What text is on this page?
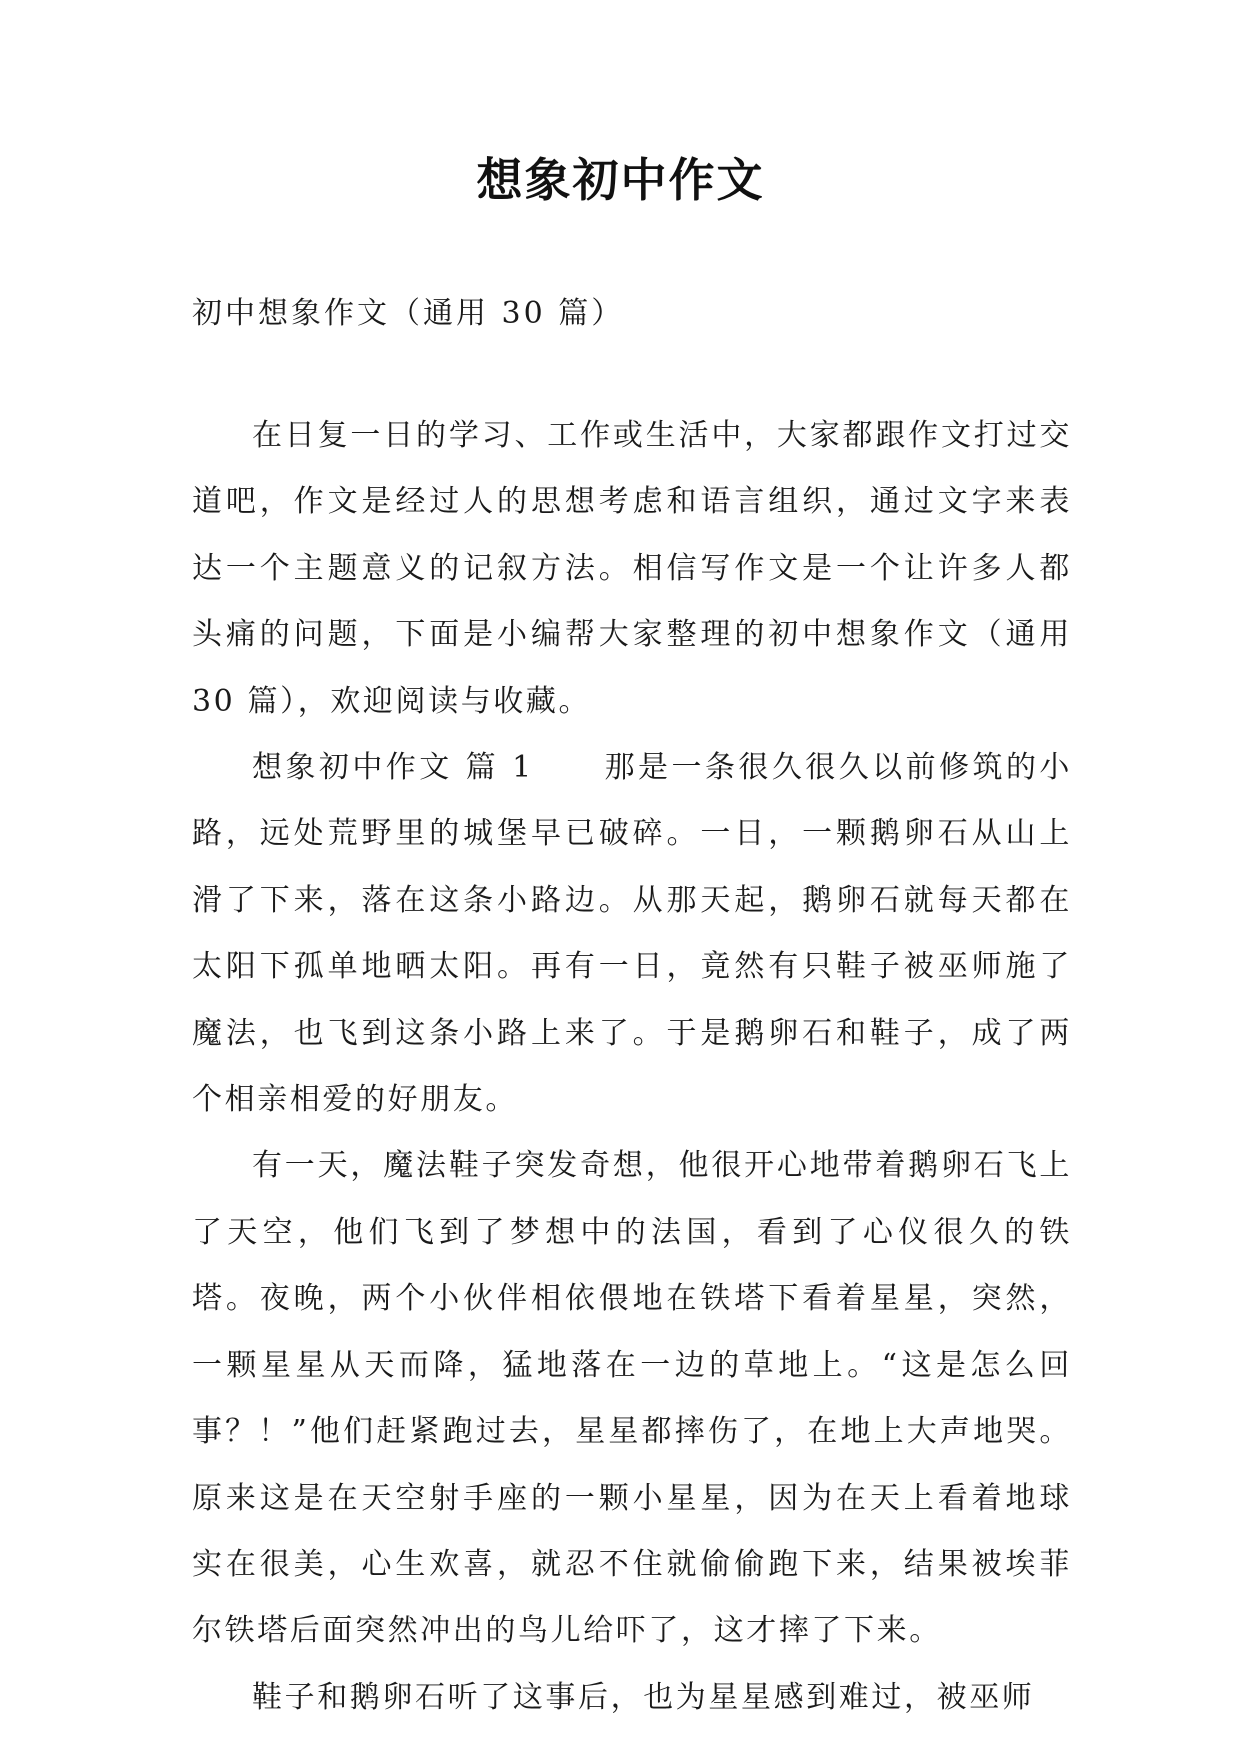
想象初中作文
初中想象作文（通用 30 篇）

在日复一日的学习、工作或生活中，大家都跟作文打过交道吧，作文是经过人的思想考虑和语言组织，通过文字来表达一个主题意义的记叙方法。相信写作文是一个让许多人都头痛的问题，下面是小编帮大家整理的初中想象作文（通用 30 篇），欢迎阅读与收藏。

想象初中作文 篇 1 那是一条很久很久以前修筑的小路，远处荒野里的城堡早已破碎。一日，一颗鹅卵石从山上滑了下来，落在这条小路边。从那天起，鹅卵石就每天都在太阳下孤单地晒太阳。再有一日，竟然有只鞋子被巫师施了魔法，也飞到这条小路上来了。于是鹅卵石和鞋子，成了两个相亲相爱的好朋友。

有一天，魔法鞋子突发奇想，他很开心地带着鹅卵石飞上了天空，他们飞到了梦想中的法国，看到了心仪很久的铁塔。夜晚，两个小伙伴相依偎地在铁塔下看着星星，突然，一颗星星从天而降，猛地落在一边的草地上。“这是怎么回事？！”他们赶紧跑过去，星星都摔伤了，在地上大声地哭。原来这是在天空射手座的一颗小星星，因为在天上看着地球实在很美，心生欢喜，就忍不住就偷偷跑下来，结果被埃菲尔铁塔后面突然冲出的鸟儿给吓了，这才摔了下来。

鞋子和鹅卵石听了这事后，也为星星感到难过，被巫师
